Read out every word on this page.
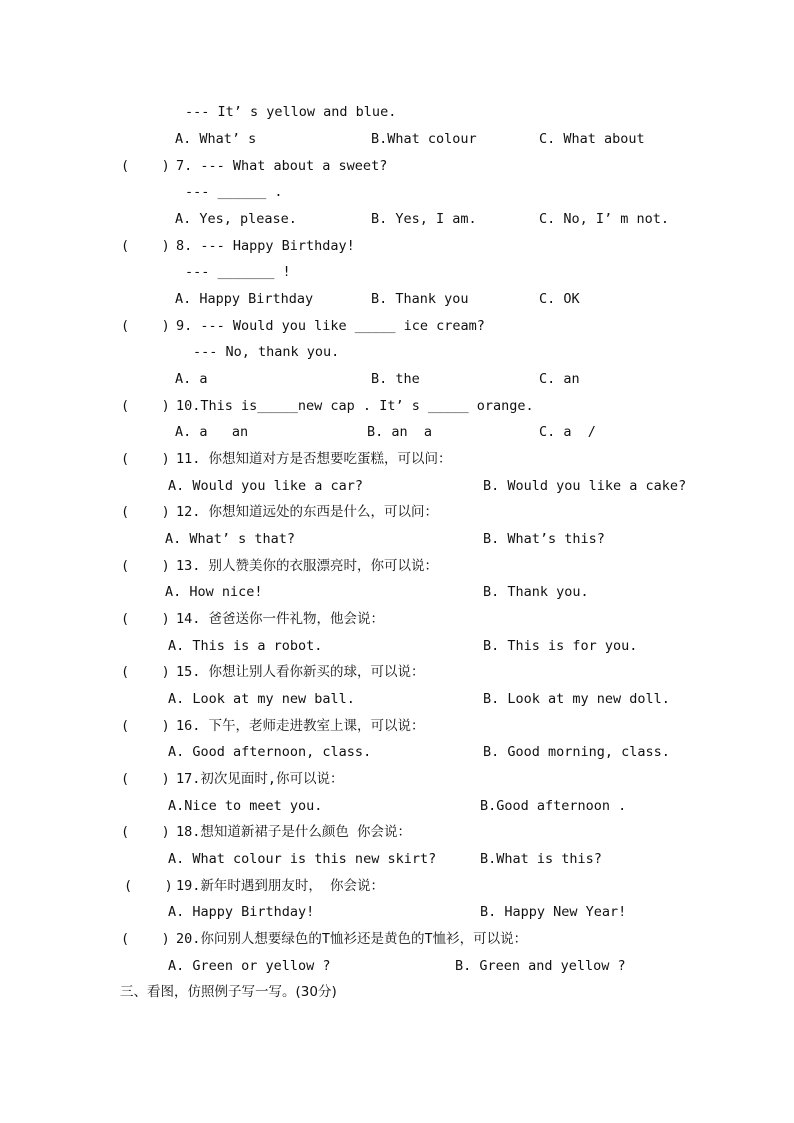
--- It’ s yellow and blue.
A. What’ s	B.What colour	C. What about
(    ) 7. --- What about a sweet?
--- ______ .
A. Yes, please.	B. Yes, I am.	C. No, I’ m not.
(    ) 8. --- Happy Birthday!
--- _______ !
A. Happy Birthday	B. Thank you	C. OK
(    ) 9. --- Would you like _____ ice cream?
--- No, thank you.
A. a	B. the	C. an
(    ) 10.This is_____new cap . It’ s _____ orange.
A. a   an	B. an  a	C. a  /
(    ) 11. 你想知道对方是否想要吃蛋糕，可以问：
A. Would you like a car?	B. Would you like a cake?
(    ) 12. 你想知道远处的东西是什么，可以问：
A. What’ s that?	B. What’s this?
(    ) 13. 别人赞美你的衣服漂亮时，你可以说：
A. How nice!	B. Thank you.
(    ) 14. 爸爸送你一件礼物，他会说：
A. This is a robot.	B. This is for you.
(    ) 15. 你想让别人看你新买的球，可以说：
A. Look at my new ball.	B. Look at my new doll.
(    ) 16. 下午，老师走进教室上课，可以说：
A. Good afternoon, class.	B. Good morning, class.
(    ) 17.初次见面时,你可以说：
A.Nice to meet you.	B.Good afternoon .
(    ) 18.想知道新裙子是什么颜色 你会说：
A. What colour is this new skirt?	B.What is this?
(    ) 19.新年时遇到朋友时， 你会说：
A. Happy Birthday!	B. Happy New Year!
(    ) 20.你问别人想要绿色的T恤衫还是黄色的T恤衫，可以说：
A. Green or yellow ?	B. Green and yellow ?
三、看图，仿照例子写一写。(30分)
